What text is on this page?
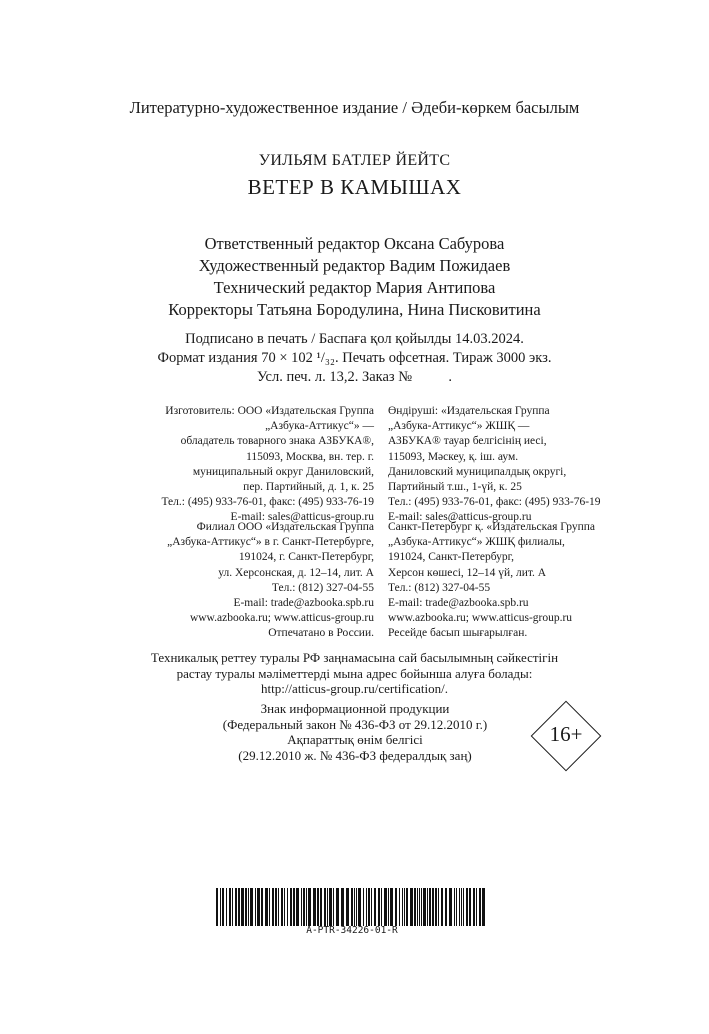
Литературно-художественное издание / Әдеби-көркем басылым
УИЛЬЯМ БАТЛЕР ЙЕЙТС
ВЕТЕР В КАМЫШАХ
Ответственный редактор Оксана Сабурова
Художественный редактор Вадим Пожидаев
Технический редактор Мария Антипова
Корректоры Татьяна Бородулина, Нина Писковитина
Подписано в печать / Баспаға қол қойылды 14.03.2024.
Формат издания 70 × 102 ¹/₃₂. Печать офсетная. Тираж 3000 экз.
Усл. печ. л. 13,2. Заказ №          .
Изготовитель: ООО «Издательская Группа
„Азбука-Аттикус“» —
обладатель товарного знака АЗБУКА®,
115093, Москва, вн. тер. г.
муниципальный округ Даниловский,
пер. Партийный, д. 1, к. 25
Тел.: (495) 933-76-01, факс: (495) 933-76-19
E-mail: sales@atticus-group.ru
Өндіруші: «Издательская Группа
„Азбука-Аттикус“» ЖШҚ —
АЗБУКА® тауар белгісінің иесі,
115093, Мәскеу, қ. іш. аум.
Даниловский муниципалдық округі,
Партийный т.ш., 1-үй, к. 25
Тел.: (495) 933-76-01, факс: (495) 933-76-19
E-mail: sales@atticus-group.ru
Филиал ООО «Издательская Группа
„Азбука-Аттикус“» в г. Санкт-Петербурге,
191024, г. Санкт-Петербург,
ул. Херсонская, д. 12–14, лит. А
Тел.: (812) 327-04-55
E-mail: trade@azbooka.spb.ru
Санкт-Петербург қ. «Издательская Группа
„Азбука-Аттикус“» ЖШҚ филиалы,
191024, Санкт-Петербург,
Херсон көшесі, 12–14 үй, лит. А
Тел.: (812) 327-04-55
E-mail: trade@azbooka.spb.ru
www.azbooka.ru; www.atticus-group.ru
Отпечатано в России.
www.azbooka.ru; www.atticus-group.ru
Ресейде басып шығарылған.
Техникалық реттеу туралы РФ заңнамасына сай басылымның сәйкестігін
растау туралы мәліметтерді мына адрес бойынша алуға болады:
http://atticus-group.ru/certification/.
Знак информационной продукции
(Федеральный закон № 436-ФЗ от 29.12.2010 г.)
Ақпараттық өнім белгісі
(29.12.2010 ж. № 436-ФЗ федералдық заң)
16+
A-PTR-34226-01-R
